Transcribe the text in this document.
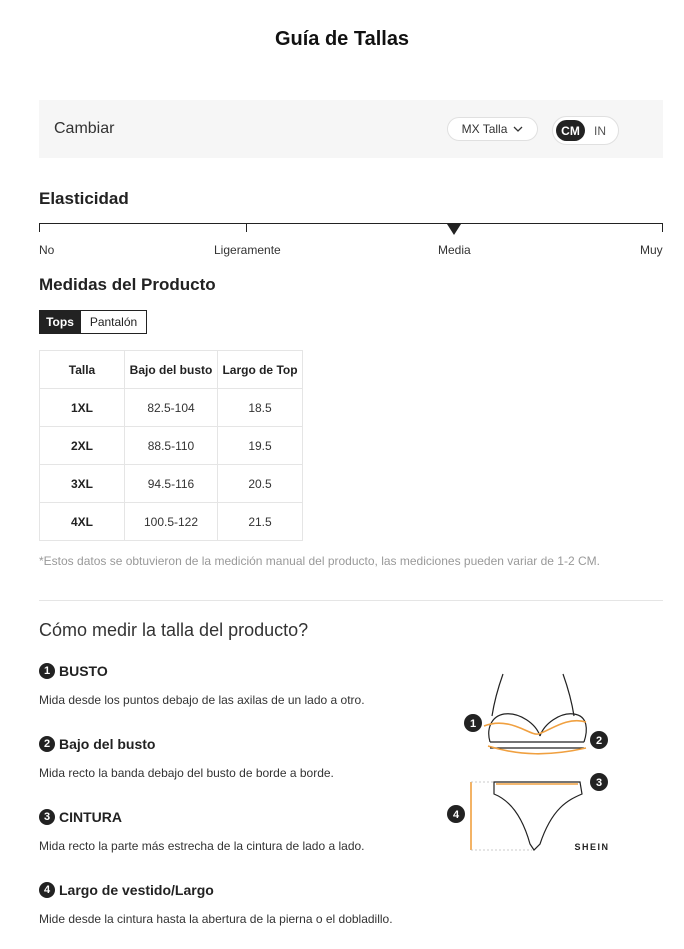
Guía de Tallas
Cambiar	MX Talla	CM	IN
Elasticidad
No	Ligeramente	Media	Muy
Medidas del Producto
Tops	Pantalón
Talla	Bajo del busto	Largo de Top
1XL	82.5-104	18.5
2XL	88.5-110	19.5
3XL	94.5-116	20.5
4XL	100.5-122	21.5
*Estos datos se obtuvieron de la medición manual del producto, las mediciones pueden variar de 1-2 CM.
Cómo medir la talla del producto?
1 BUSTO
Mida desde los puntos debajo de las axilas de un lado a otro.
2 Bajo del busto
Mida recto la banda debajo del busto de borde a borde.
3 CINTURA
Mida recto la parte más estrecha de la cintura de lado a lado.
4 Largo de vestido/Largo
Mide desde la cintura hasta la abertura de la pierna o el dobladillo.
1
2
3
4
SHEIN
